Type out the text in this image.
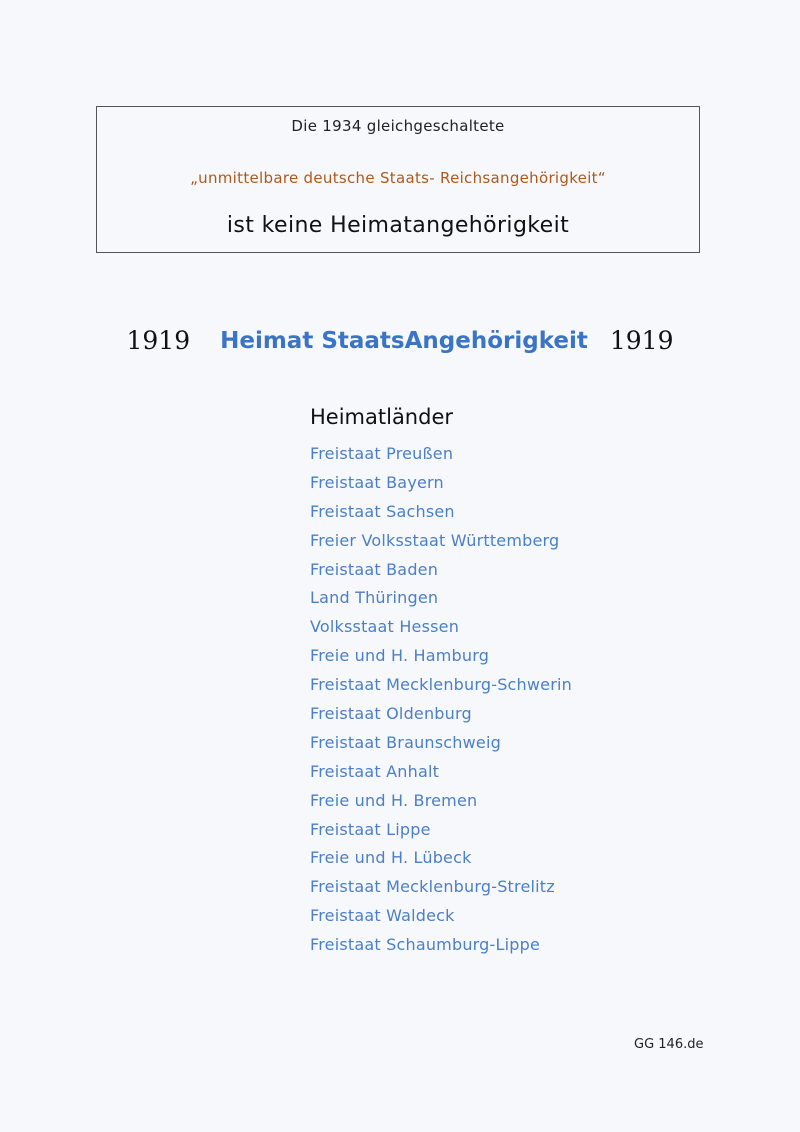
Die 1934 gleichgeschaltete
„unmittelbare deutsche Staats- Reichsangehörigkeit“
ist keine Heimatangehörigkeit
1919 Heimat StaatsAngehörigkeit 1919
Heimatländer
Freistaat Preußen
Freistaat Bayern
Freistaat Sachsen
Freier Volksstaat Württemberg
Freistaat Baden
Land Thüringen
Volksstaat Hessen
Freie und H. Hamburg
Freistaat Mecklenburg-Schwerin
Freistaat Oldenburg
Freistaat Braunschweig
Freistaat Anhalt
Freie und H. Bremen
Freistaat Lippe
Freie und H. Lübeck
Freistaat Mecklenburg-Strelitz
Freistaat Waldeck
Freistaat Schaumburg-Lippe
GG 146.de
